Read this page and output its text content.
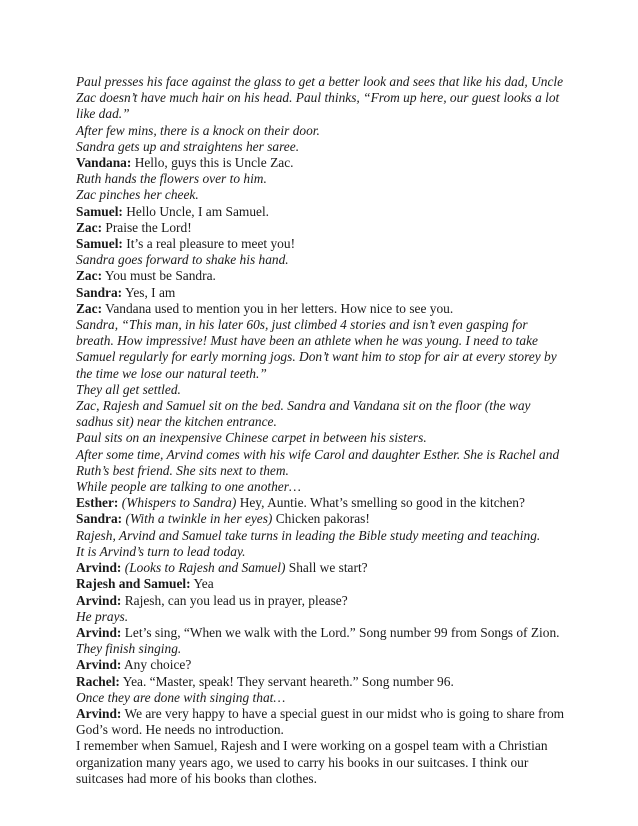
Paul presses his face against the glass to get a better look and sees that like his dad, Uncle Zac doesn’t have much hair on his head. Paul thinks, “From up here, our guest looks a lot like dad.”

After few mins, there is a knock on their door.

Sandra gets up and straightens her saree.

Vandana: Hello, guys this is Uncle Zac.

Ruth hands the flowers over to him.

Zac pinches her cheek.

Samuel: Hello Uncle, I am Samuel.

Zac: Praise the Lord!

Samuel: It’s a real pleasure to meet you!

Sandra goes forward to shake his hand.

Zac: You must be Sandra.

Sandra: Yes, I am

Zac: Vandana used to mention you in her letters. How nice to see you.

Sandra, “This man, in his later 60s, just climbed 4 stories and isn’t even gasping for breath. How impressive! Must have been an athlete when he was young. I need to take Samuel regularly for early morning jogs. Don’t want him to stop for air at every storey by the time we lose our natural teeth.”

They all get settled.

Zac, Rajesh and Samuel sit on the bed. Sandra and Vandana sit on the floor (the way sadhus sit) near the kitchen entrance.

Paul sits on an inexpensive Chinese carpet in between his sisters.

After some time, Arvind comes with his wife Carol and daughter Esther. She is Rachel and Ruth’s best friend. She sits next to them.

While people are talking to one another…

Esther: (Whispers to Sandra) Hey, Auntie. What’s smelling so good in the kitchen?

Sandra: (With a twinkle in her eyes) Chicken pakoras!

Rajesh, Arvind and Samuel take turns in leading the Bible study meeting and teaching.

It is Arvind’s turn to lead today.

Arvind: (Looks to Rajesh and Samuel) Shall we start?

Rajesh and Samuel: Yea

Arvind: Rajesh, can you lead us in prayer, please?

He prays.

Arvind: Let’s sing, “When we walk with the Lord.” Song number 99 from Songs of Zion.

They finish singing.

Arvind: Any choice?

Rachel: Yea. “Master, speak! They servant heareth.” Song number 96.

Once they are done with singing that…

Arvind: We are very happy to have a special guest in our midst who is going to share from God’s word. He needs no introduction.

I remember when Samuel, Rajesh and I were working on a gospel team with a Christian organization many years ago, we used to carry his books in our suitcases. I think our suitcases had more of his books than clothes.
